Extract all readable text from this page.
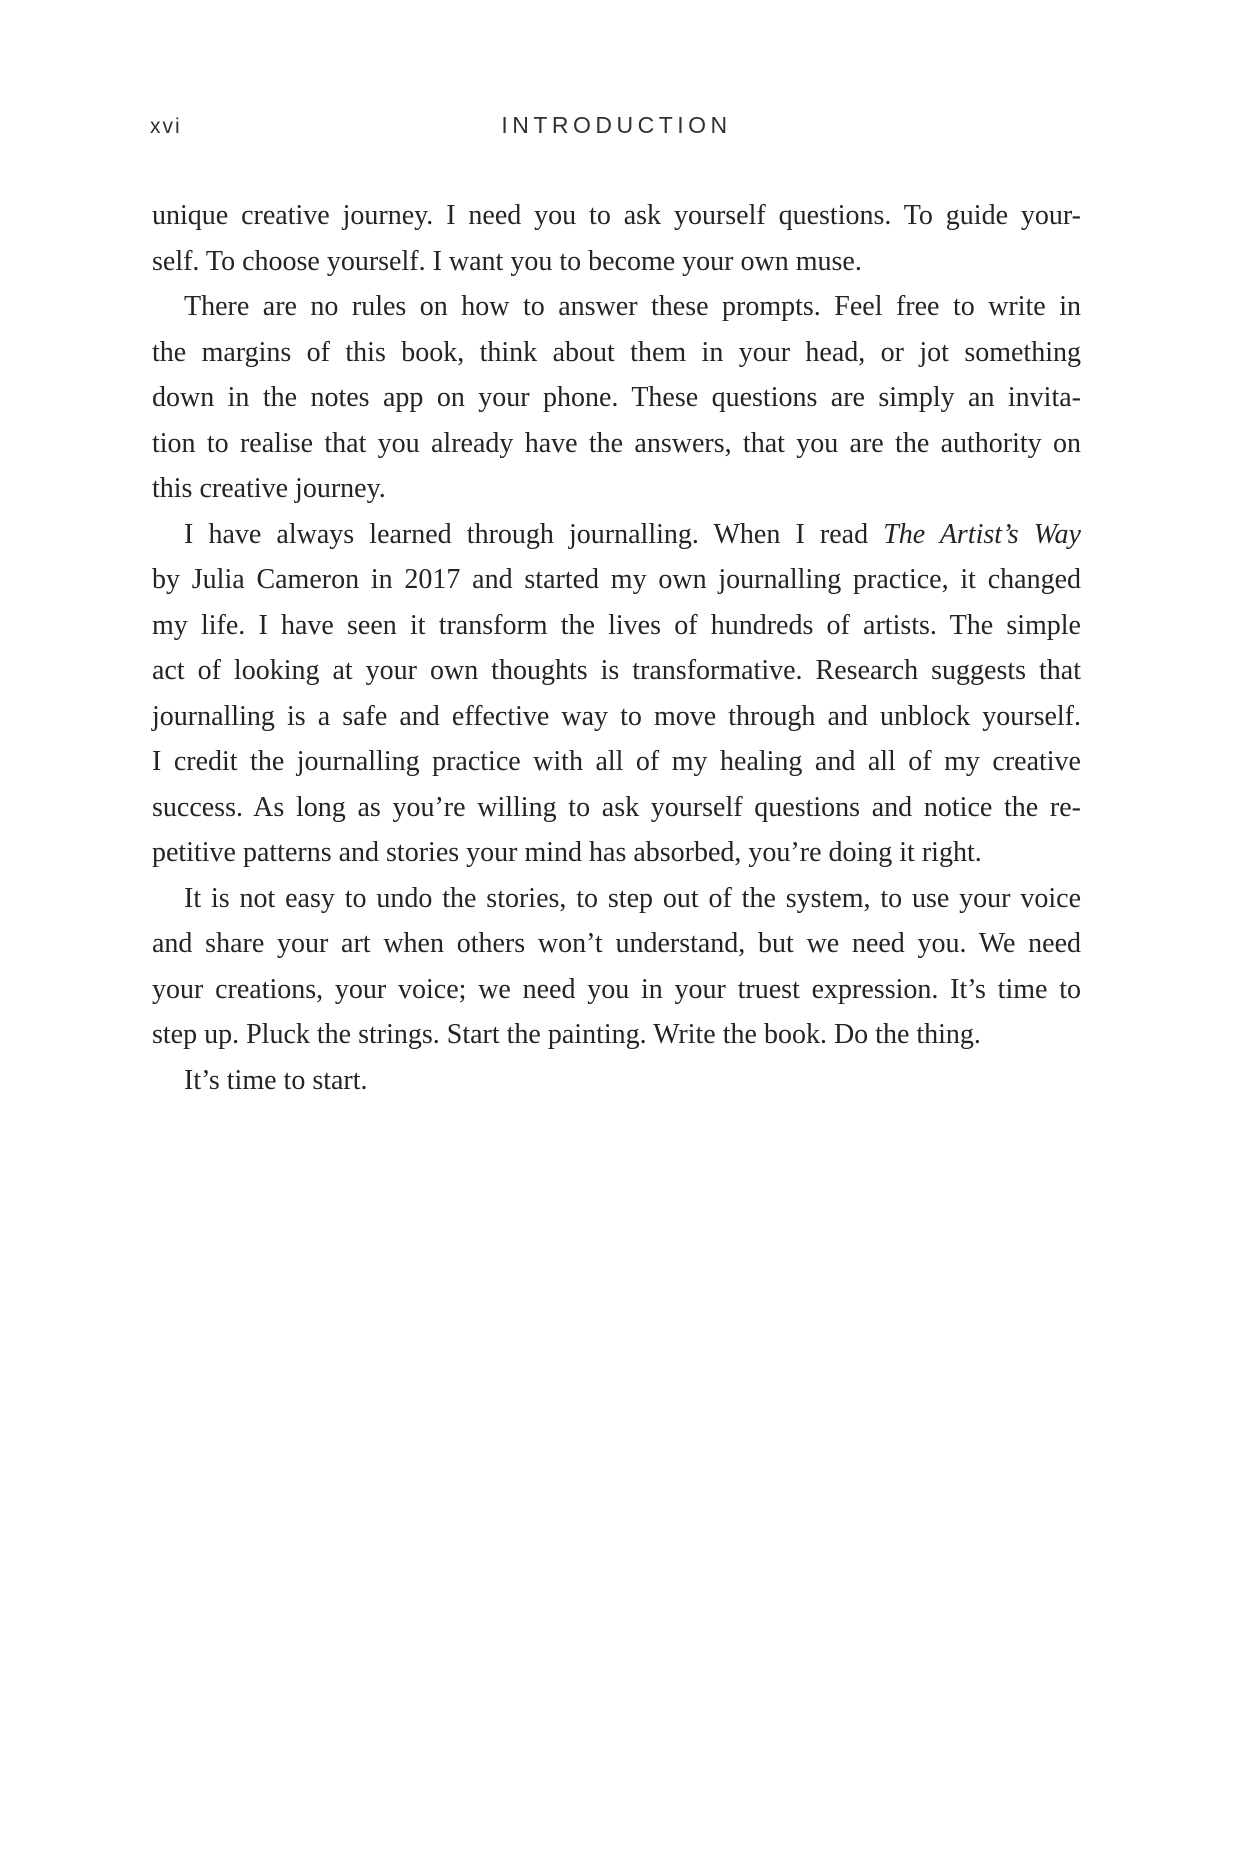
xvi	INTRODUCTION
unique creative journey. I need you to ask yourself questions. To guide your-
self. To choose yourself. I want you to become your own muse.
There are no rules on how to answer these prompts. Feel free to write in
the margins of this book, think about them in your head, or jot something
down in the notes app on your phone. These questions are simply an invita-
tion to realise that you already have the answers, that you are the authority on
this creative journey.
I have always learned through journalling. When I read The Artist’s Way
by Julia Cameron in 2017 and started my own journalling practice, it changed
my life. I have seen it transform the lives of hundreds of artists. The simple
act of looking at your own thoughts is transformative. Research suggests that
journalling is a safe and effective way to move through and unblock yourself.
I credit the journalling practice with all of my healing and all of my creative
success. As long as you’re willing to ask yourself questions and notice the re-
petitive patterns and stories your mind has absorbed, you’re doing it right.
It is not easy to undo the stories, to step out of the system, to use your voice
and share your art when others won’t understand, but we need you. We need
your creations, your voice; we need you in your truest expression. It’s time to
step up. Pluck the strings. Start the painting. Write the book. Do the thing.
It’s time to start.
